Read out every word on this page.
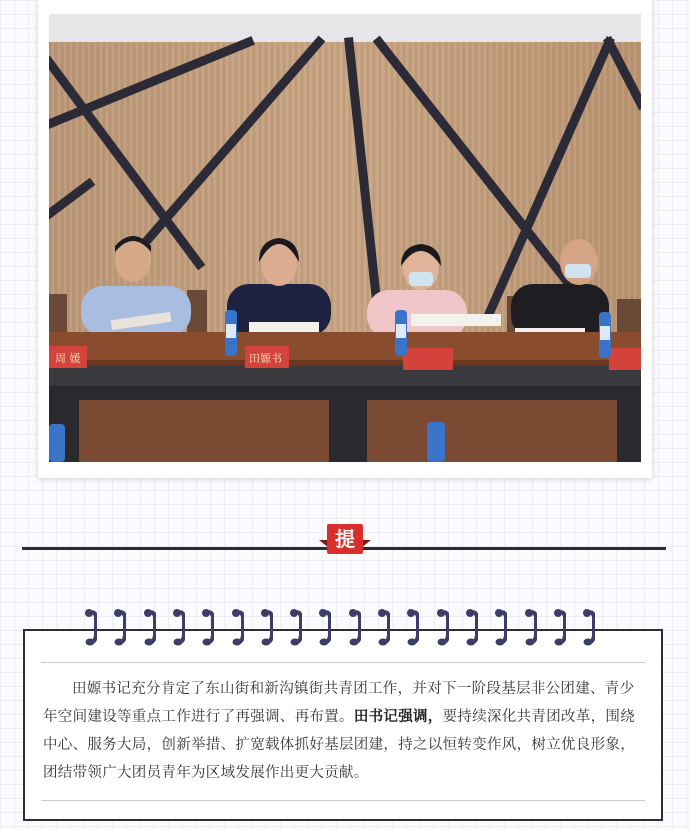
周 媛	田嫄书
提

田嫄书记充分肯定了东山街和新沟镇街共青团工作，并对下一阶段基层非公团建、青少年空间建设等重点工作进行了再强调、再布置。田书记强调，要持续深化共青团改革，围绕中心、服务大局，创新举措、扩宽载体抓好基层团建，持之以恒转变作风，树立优良形象，团结带领广大团员青年为区域发展作出更大贡献。
